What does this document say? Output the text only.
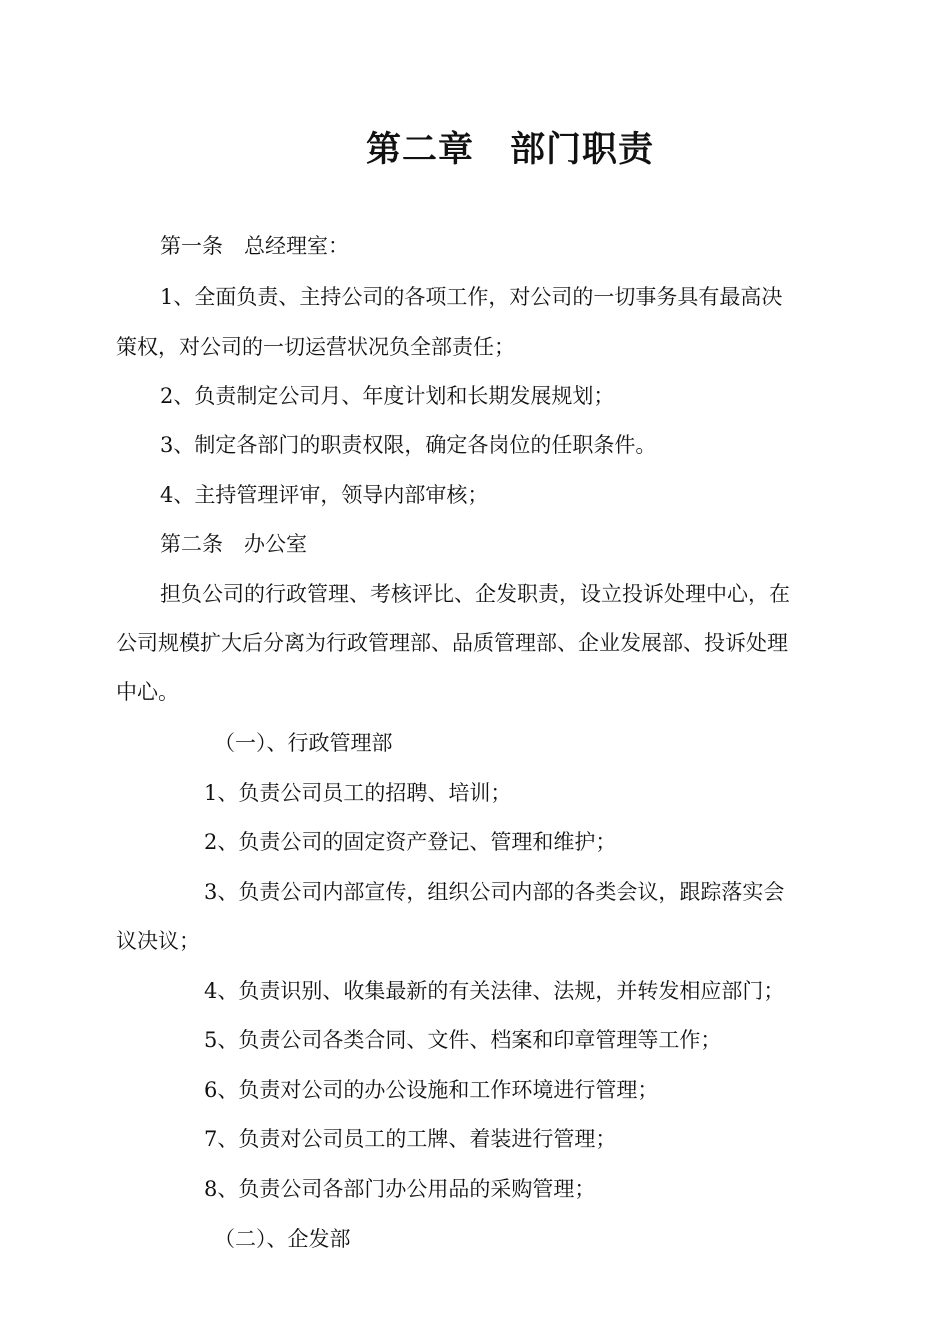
第二章　部门职责
第一条　总经理室：
1、全面负责、主持公司的各项工作，对公司的一切事务具有最高决
策权，对公司的一切运营状况负全部责任；
2、负责制定公司月、年度计划和长期发展规划；
3、制定各部门的职责权限，确定各岗位的任职条件。
4、主持管理评审，领导内部审核；
第二条　办公室
担负公司的行政管理、考核评比、企发职责，设立投诉处理中心，在
公司规模扩大后分离为行政管理部、品质管理部、企业发展部、投诉处理
中心。
（一）、行政管理部
1、负责公司员工的招聘、培训；
2、负责公司的固定资产登记、管理和维护；
3、负责公司内部宣传，组织公司内部的各类会议，跟踪落实会
议决议；
4、负责识别、收集最新的有关法律、法规，并转发相应部门；
5、负责公司各类合同、文件、档案和印章管理等工作；
6、负责对公司的办公设施和工作环境进行管理；
7、负责对公司员工的工牌、着装进行管理；
8、负责公司各部门办公用品的采购管理；
（二）、企发部
